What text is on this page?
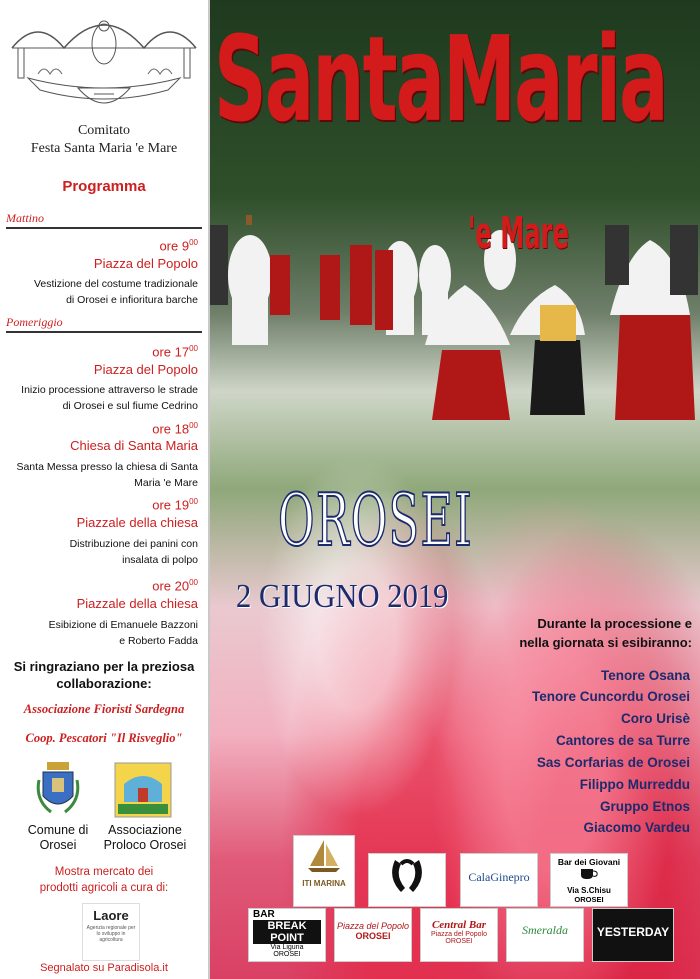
Comitato
Festa Santa Maria 'e Mare
Programma
Mattino
ore $9^{00}$
Piazza del Popolo
Vestizione del costume tradizionale
di Orosei e infioritura barche
Pomeriggio
ore $17^{00}$
Piazza del Popolo
Inizio processione attraverso le strade
di Orosei e sul fiume Cedrino
ore $18^{00}$
Chiesa di Santa Maria
Santa Messa presso la chiesa di Santa
Maria 'e Mare
ore $19^{00}$
Piazzale della chiesa
Distribuzione dei panini con
insalata di polpo
ore $20^{00}$
Piazzale della chiesa
Esibizione di Emanuele Bazzoni
e Roberto Fadda
Si ringraziano per la preziosa
collaborazione:
Associazione Fioristi Sardegna
Coop. Pescatori "Il Risveglio"
Comune di
Orosei
Associazione
Proloco Orosei
Mostra mercato dei
prodotti agricoli a cura di:
Laore
Agenzia regionale per lo sviluppo in agricoltura
Segnalato su Paradisola.it
SantaMaria
'e Mare
OROSEI
2 GIUGNO 2019
Durante la processione e
nella giornata si esibiranno:
Tenore Osana
Tenore Cuncordu Orosei
Coro Urisè
Cantores de sa Turre
Sas Corfarias de Orosei
Filippo Murreddu
Gruppo Etnos
Giacomo Vardeu
ITI MARINA	CalaGinepro
Bar dei Giovani
Via S.Chisu
OROSEI
BAR
BREAK POINT
Via Liguria
OROSEI
Piazza del Popolo
OROSEI
Central Bar
Piazza del Popolo
OROSEI
Smeralda	YESTERDAY
